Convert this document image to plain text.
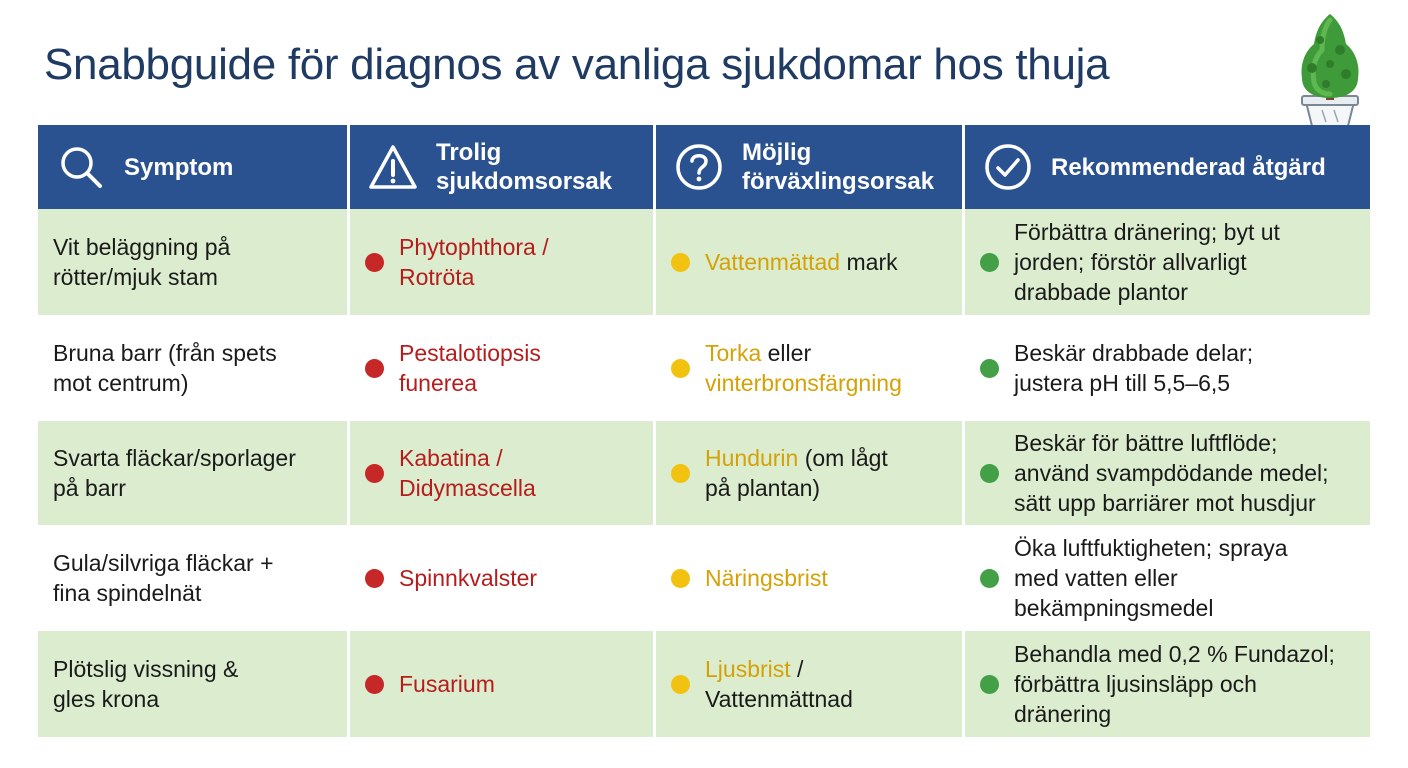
Snabbguide för diagnos av vanliga sjukdomar hos thuja
Symptom
Trolig
sjukdomsorsak
Möjlig
förväxlingsorsak
Rekommenderad åtgärd
Vit beläggning på
rötter/mjuk stam
Phytophthora /
Rotröta
Vattenmättad mark
Förbättra dränering; byt ut
jorden; förstör allvarligt
drabbade plantor
Bruna barr (från spets
mot centrum)
Pestalotiopsis
funerea
Torka eller
vinterbronsfärgning
Beskär drabbade delar;
justera pH till 5,5–6,5
Svarta fläckar/sporlager
på barr
Kabatina /
Didymascella
Hundurin (om lågt
på plantan)
Beskär för bättre luftflöde;
använd svampdödande medel;
sätt upp barriärer mot husdjur
Gula/silvriga fläckar +
fina spindelnät
Spinnkvalster	Näringsbrist
Öka luftfuktigheten; spraya
med vatten eller
bekämpningsmedel
Plötslig vissning &
gles krona
Fusarium
Ljusbrist /
Vattenmättnad
Behandla med 0,2 % Fundazol;
förbättra ljusinsläpp och
dränering
